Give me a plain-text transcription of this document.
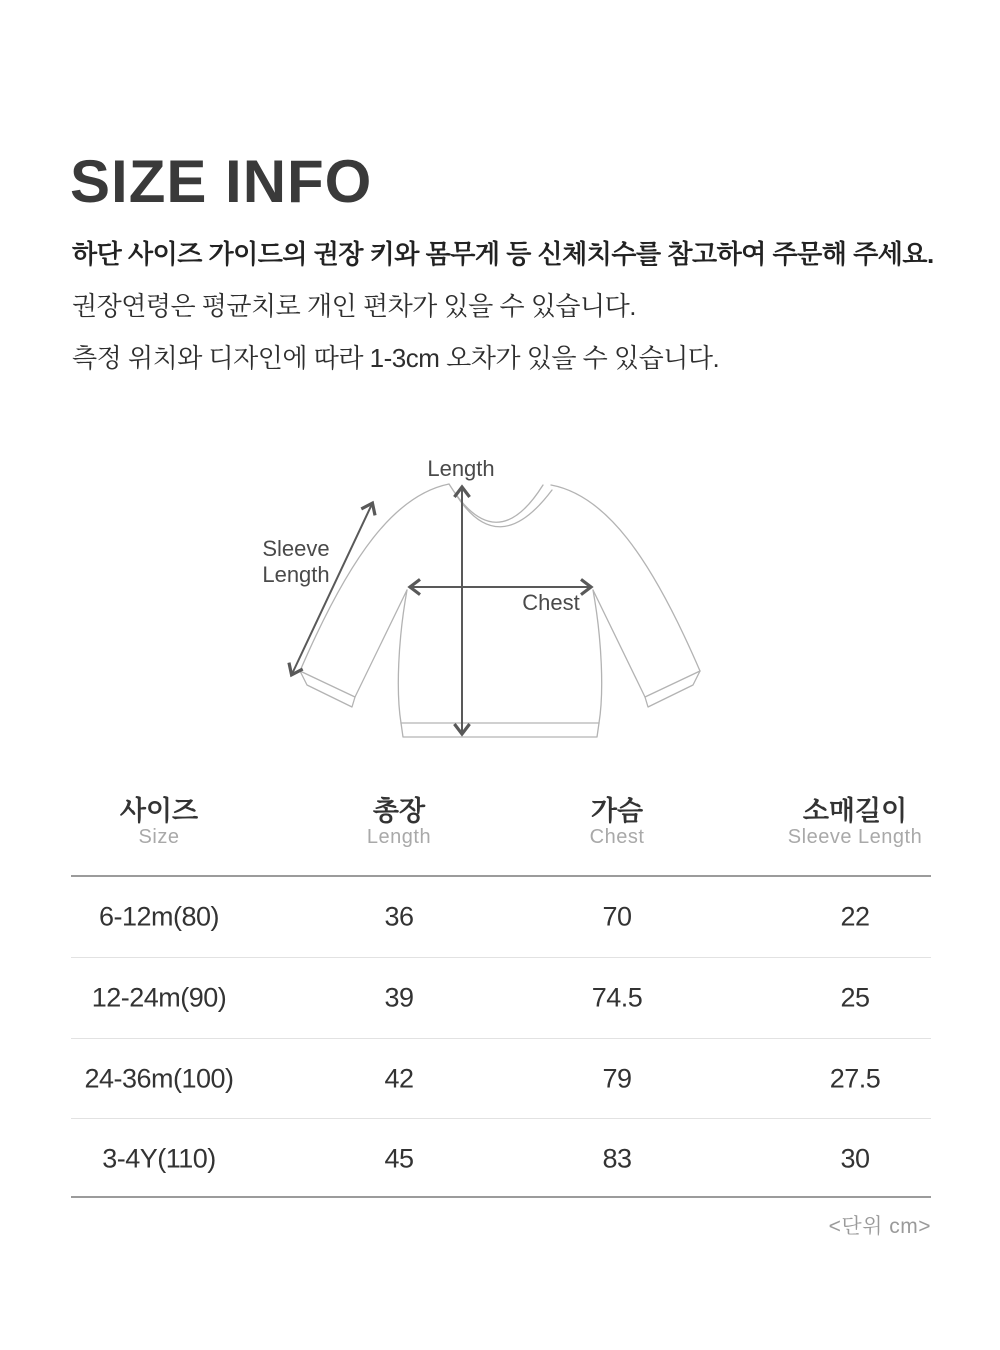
SIZE INFO

하단 사이즈 가이드의 권장 키와 몸무게 등 신체치수를 참고하여 주문해 주세요.

권장연령은 평균치로 개인 편차가 있을 수 있습니다.

측정 위치와 디자인에 따라 1-3cm 오차가 있을 수 있습니다.

Length
Sleeve
Length
Chest
사이즈	총장	가슴	소매길이
Size	Length	Chest	Sleeve Length
6-12m(80)	36	70	22
12-24m(90)	39	74.5	25
24-36m(100)	42	79	27.5
3-4Y(110)	45	83	30
<단위 cm>
